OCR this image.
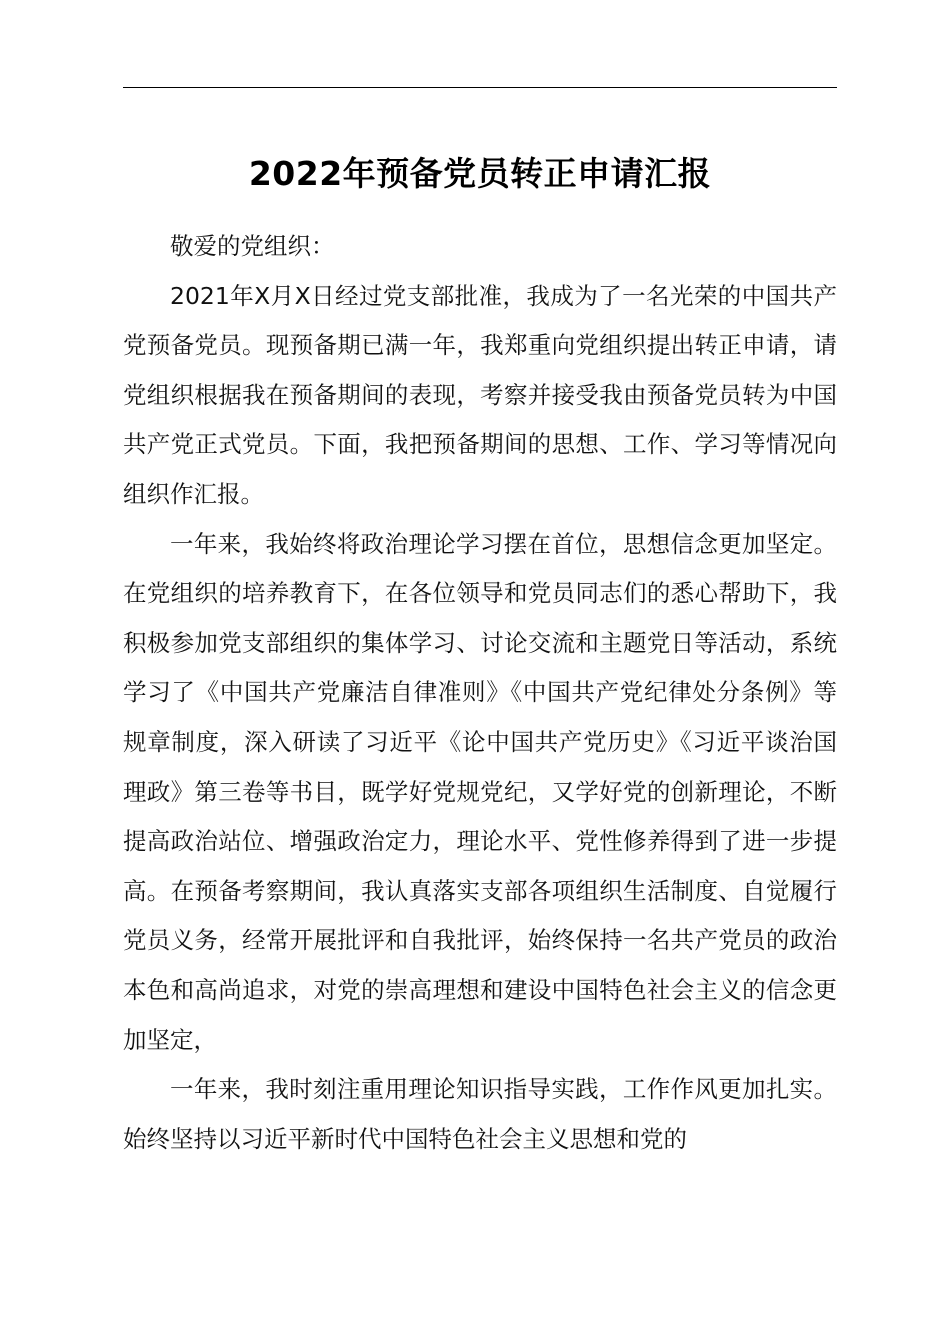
2022年预备党员转正申请汇报

敬爱的党组织：

2021年X月X日经过党支部批准，我成为了一名光荣的中国共产党预备党员。现预备期已满一年，我郑重向党组织提出转正申请，请党组织根据我在预备期间的表现，考察并接受我由预备党员转为中国共产党正式党员。下面，我把预备期间的思想、工作、学习等情况向组织作汇报。

一年来，我始终将政治理论学习摆在首位，思想信念更加坚定。在党组织的培养教育下，在各位领导和党员同志们的悉心帮助下，我积极参加党支部组织的集体学习、讨论交流和主题党日等活动，系统学习了《中国共产党廉洁自律准则》《中国共产党纪律处分条例》等规章制度，深入研读了习近平《论中国共产党历史》《习近平谈治国理政》第三卷等书目，既学好党规党纪，又学好党的创新理论，不断提高政治站位、增强政治定力，理论水平、党性修养得到了进一步提高。在预备考察期间，我认真落实支部各项组织生活制度、自觉履行党员义务，经常开展批评和自我批评，始终保持一名共产党员的政治本色和高尚追求，对党的崇高理想和建设中国特色社会主义的信念更加坚定，

一年来，我时刻注重用理论知识指导实践，工作作风更加扎实。始终坚持以习近平新时代中国特色社会主义思想和党的
